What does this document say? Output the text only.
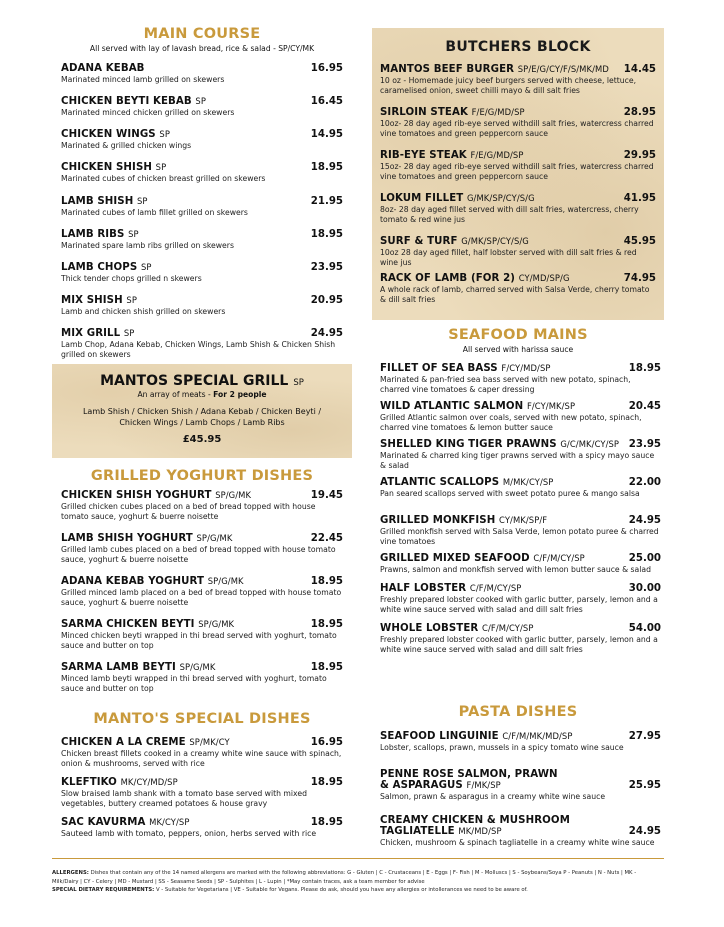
MAIN COURSE
All served with lay of lavash bread, rice & salad - SP/CY/MK
ADANA KEBAB	16.95
Marinated minced lamb grilled on skewers
CHICKEN BEYTI KEBAB SP	16.45
Marinated minced chicken grilled on skewers
CHICKEN WINGS SP	14.95
Marinated & grilled chicken wings
CHICKEN SHISH SP	18.95
Marinated cubes of chicken breast grilled on skewers
LAMB SHISH SP	21.95
Marinated cubes of lamb fillet grilled on skewers
LAMB RIBS SP	18.95
Marinated spare lamb ribs grilled on skewers
LAMB CHOPS SP	23.95
Thick tender chops grilled n skewers
MIX SHISH SP	20.95
Lamb and chicken shish grilled on skewers
MIX GRILL SP	24.95
Lamb Chop, Adana Kebab, Chicken Wings, Lamb Shish & Chicken Shish grilled on skewers
MANTOS SPECIAL GRILL SP
An array of meats - For 2 people
Lamb Shish / Chicken Shish / Adana Kebab / Chicken Beyti / Chicken Wings / Lamb Chops / Lamb Ribs
£45.95
GRILLED YOGHURT DISHES
CHICKEN SHISH YOGHURT SP/G/MK	19.45
Grilled chicken cubes placed on a bed of bread topped with house tomato sauce, yoghurt & buerre noisette
LAMB SHISH YOGHURT SP/G/MK	22.45
Grilled lamb cubes placed on a bed of bread topped with house tomato sauce, yoghurt & buerre noisette
ADANA KEBAB YOGHURT SP/G/MK	18.95
Grilled minced lamb placed on a bed of bread topped with house tomato sauce, yoghurt & buerre noisette
SARMA CHICKEN BEYTI SP/G/MK	18.95
Minced chicken beyti wrapped in thi bread served with yoghurt, tomato sauce and butter on top
SARMA LAMB BEYTI SP/G/MK	18.95
Minced lamb beyti wrapped in thi bread served with yoghurt, tomato sauce and butter on top
MANTO'S SPECIAL DISHES
CHICKEN A LA CREME SP/MK/CY	16.95
Chicken breast fillets cooked in a creamy white wine sauce with spinach, onion & mushrooms, served with rice
KLEFTIKO MK/CY/MD/SP	18.95
Slow braised lamb shank with a tomato base served with mixed vegetables, buttery creamed potatoes & house gravy
SAC KAVURMA MK/CY/SP	18.95
Sauteed lamb with tomato, peppers, onion, herbs served with rice
BUTCHERS BLOCK
MANTOS BEEF BURGER SP/E/G/CY/F/S/MK/MD 14.45
10 oz - Homemade juicy beef burgers served with cheese, lettuce, caramelised onion, sweet chilli mayo & dill salt fries
SIRLOIN STEAK F/E/G/MD/SP	28.95
10oz- 28 day aged rib-eye served withdill salt fries, watercress charred vine tomatoes and green peppercorn sauce
RIB-EYE STEAK F/E/G/MD/SP	29.95
15oz- 28 day aged rib-eye served withdill salt fries, watercress charred vine tomatoes and green peppercorn sauce
LOKUM FILLET G/MK/SP/CY/S/G	41.95
8oz- 28 day aged fillet served with dill salt fries, watercress, cherry tomato & red wine jus
SURF & TURF G/MK/SP/CY/S/G	45.95
10oz 28 day aged fillet, half lobster served with dill salt fries & red wine jus
RACK OF LAMB (FOR 2) CY/MD/SP/G	74.95
A whole rack of lamb, charred served with Salsa Verde, cherry tomato & dill salt fries
SEAFOOD MAINS
All served with harissa sauce
FILLET OF SEA BASS F/CY/MD/SP	18.95
Marinated & pan-fried sea bass served with new potato, spinach, charred vine tomatoes & caper dressing
WILD ATLANTIC SALMON F/CY/MK/SP	20.45
Grilled Atlantic salmon over coals, served with new potato, spinach, charred vine tomatoes & lemon butter sauce
SHELLED KING TIGER PRAWNS G/C/MK/CY/SP 23.95
Marinated & charred king tiger prawns served with a spicy mayo sauce & salad
ATLANTIC SCALLOPS M/MK/CY/SP	22.00
Pan seared scallops served with sweet potato puree & mango salsa
GRILLED MONKFISH CY/MK/SP/F	24.95
Grilled monkfish served with Salsa Verde, lemon potato puree & charred vine tomatoes
GRILLED MIXED SEAFOOD C/F/M/CY/SP	25.00
Prawns, salmon and monkfish served with lemon butter sauce & salad
HALF LOBSTER C/F/M/CY/SP	30.00
Freshly prepared lobster cooked with garlic butter, parsely, lemon and a white wine sauce served with salad and dill salt fries
WHOLE LOBSTER C/F/M/CY/SP	54.00
Freshly prepared lobster cooked with garlic butter, parsely, lemon and a white wine sauce served with salad and dill salt fries
PASTA DISHES
SEAFOOD LINGUINIE C/F/M/MK/MD/SP	27.95
Lobster, scallops, prawn, mussels in a spicy tomato wine sauce
PENNE ROSE SALMON, PRAWN & ASPARAGUS F/MK/SP	25.95
Salmon, prawn & asparagus in a creamy white wine sauce
CREAMY CHICKEN & MUSHROOM TAGLIATELLE MK/MD/SP	24.95
Chicken, mushroom & spinach tagliatelle in a creamy white wine sauce
ALLERGENS: Dishes that contain any of the 14 named allergens are marked with the following abbreviations: G - Gluten | C - Crustaceans | E - Eggs | F- Fish | M - Molluscs | S - Soybeans/Soya P - Peanuts | N - Nuts | MK - Milk/Dairy | CY - Celery | MD - Mustard | SS - Seasame Seeds | SP - Sulphites | L - Lupin | *May contain traces, ask a team member for advise
SPECIAL DIETARY REQUIREMENTS: V - Suitable for Vegetarians | VE - Suitable for Vegans. Please do ask, should you have any allergies or intollerances we need to be aware of.
